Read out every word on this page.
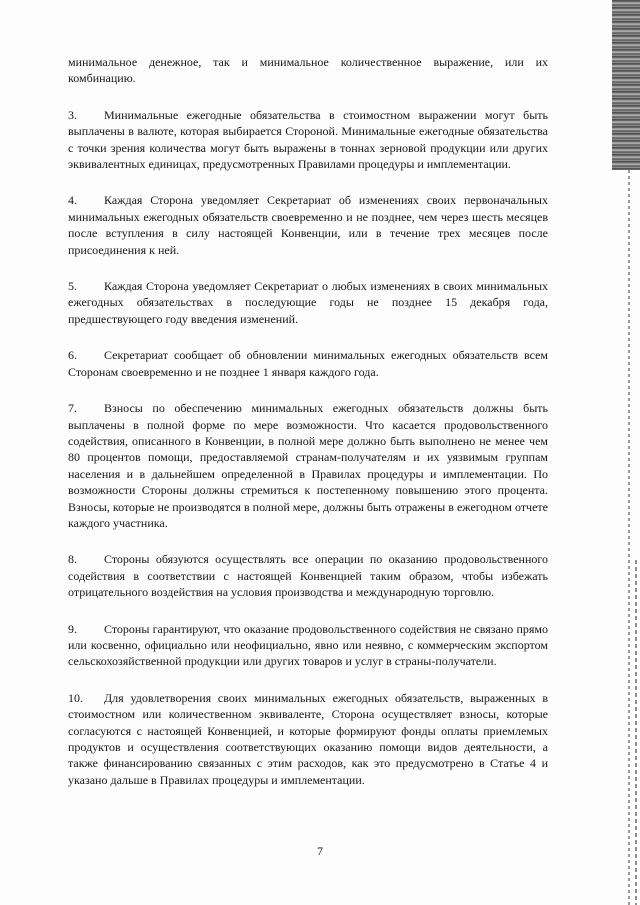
минимальное денежное, так и минимальное количественное выражение, или их комбинацию.

3. Минимальные ежегодные обязательства в стоимостном выражении могут быть выплачены в валюте, которая выбирается Стороной. Минимальные ежегодные обязательства с точки зрения количества могут быть выражены в тоннах зерновой продукции или других эквивалентных единицах, предусмотренных Правилами процедуры и имплементации.

4. Каждая Сторона уведомляет Секретариат об изменениях своих первоначальных минимальных ежегодных обязательств своевременно и не позднее, чем через шесть месяцев после вступления в силу настоящей Конвенции, или в течение трех месяцев после присоединения к ней.

5. Каждая Сторона уведомляет Секретариат о любых изменениях в своих минимальных ежегодных обязательствах в последующие годы не позднее 15 декабря года, предшествующего году введения изменений.

6. Секретариат сообщает об обновлении минимальных ежегодных обязательств всем Сторонам своевременно и не позднее 1 января каждого года.

7. Взносы по обеспечению минимальных ежегодных обязательств должны быть выплачены в полной форме по мере возможности. Что касается продовольственного содействия, описанного в Конвенции, в полной мере должно быть выполнено не менее чем 80 процентов помощи, предоставляемой странам-получателям и их уязвимым группам населения и в дальнейшем определенной в Правилах процедуры и имплементации. По возможности Стороны должны стремиться к постепенному повышению этого процента. Взносы, которые не производятся в полной мере, должны быть отражены в ежегодном отчете каждого участника.

8. Стороны обязуются осуществлять все операции по оказанию продовольственного содействия в соответствии с настоящей Конвенцией таким образом, чтобы избежать отрицательного воздействия на условия производства и международную торговлю.

9. Стороны гарантируют, что оказание продовольственного содействия не связано прямо или косвенно, официально или неофициально, явно или неявно, с коммерческим экспортом сельскохозяйственной продукции или других товаров и услуг в страны-получатели.

10. Для удовлетворения своих минимальных ежегодных обязательств, выраженных в стоимостном или количественном эквиваленте, Сторона осуществляет взносы, которые согласуются с настоящей Конвенцией, и которые формируют фонды оплаты приемлемых продуктов и осуществления соответствующих оказанию помощи видов деятельности, а также финансированию связанных с этим расходов, как это предусмотрено в Статье 4 и указано дальше в Правилах процедуры и имплементации.

7
